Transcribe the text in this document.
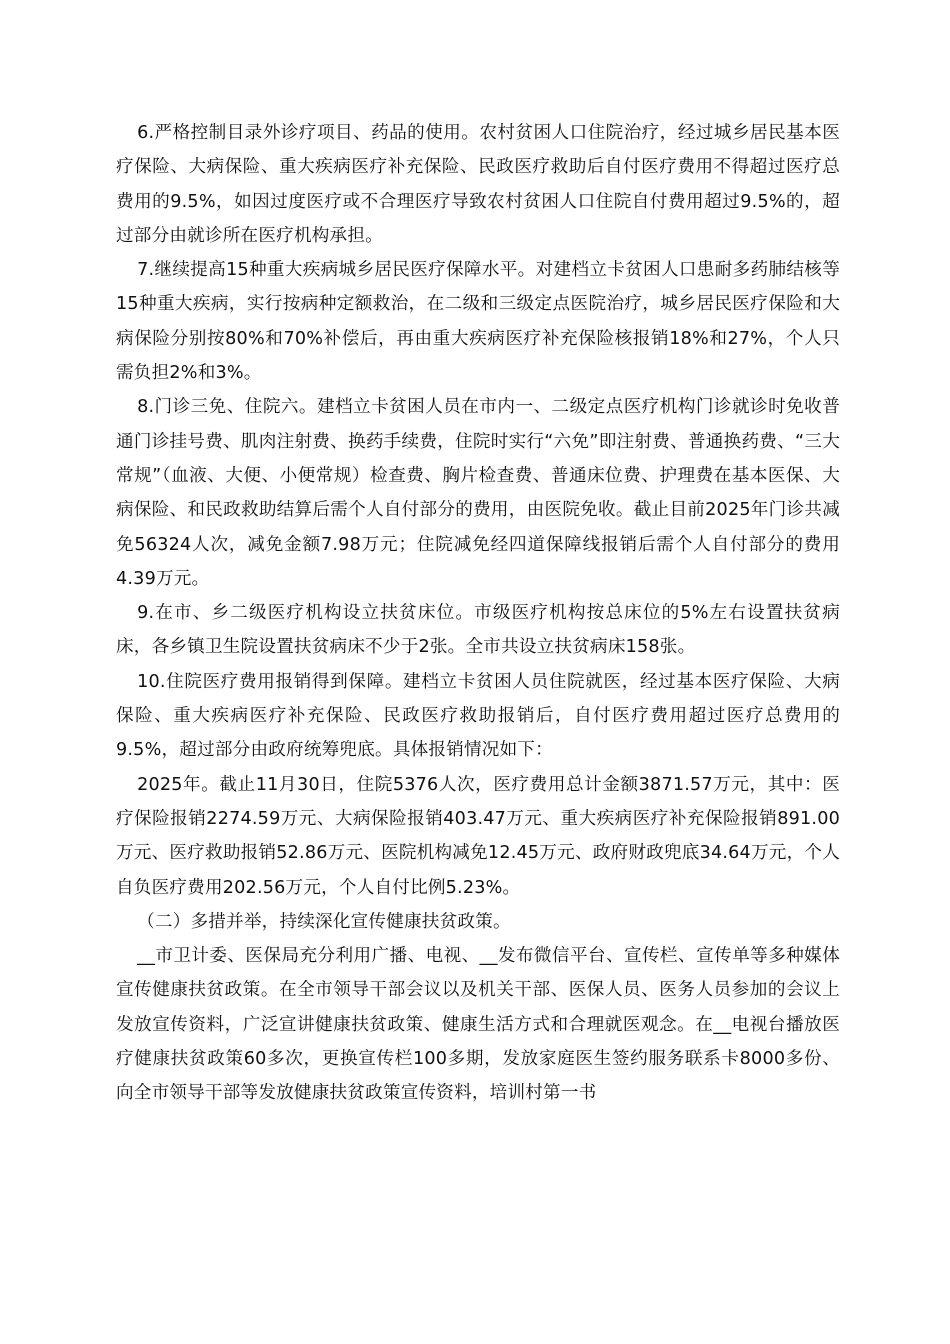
6.严格控制目录外诊疗项目、药品的使用。农村贫困人口住院治疗，经过城乡居民基本医疗保险、大病保险、重大疾病医疗补充保险、民政医疗救助后自付医疗费用不得超过医疗总费用的9.5%，如因过度医疗或不合理医疗导致农村贫困人口住院自付费用超过9.5%的，超过部分由就诊所在医疗机构承担。

7.继续提高15种重大疾病城乡居民医疗保障水平。对建档立卡贫困人口患耐多药肺结核等15种重大疾病，实行按病种定额救治，在二级和三级定点医院治疗，城乡居民医疗保险和大病保险分别按80%和70%补偿后，再由重大疾病医疗补充保险核报销18%和27%，个人只需负担2%和3%。

8.门诊三免、住院六。建档立卡贫困人员在市内一、二级定点医疗机构门诊就诊时免收普通门诊挂号费、肌肉注射费、换药手续费，住院时实行“六免”即注射费、普通换药费、“三大常规”（血液、大便、小便常规）检查费、胸片检查费、普通床位费、护理费在基本医保、大病保险、和民政救助结算后需个人自付部分的费用，由医院免收。截止目前2025年门诊共减免56324人次，减免金额7.98万元；住院减免经四道保障线报销后需个人自付部分的费用4.39万元。

9.在市、乡二级医疗机构设立扶贫床位。市级医疗机构按总床位的5%左右设置扶贫病床，各乡镇卫生院设置扶贫病床不少于2张。全市共设立扶贫病床158张。

10.住院医疗费用报销得到保障。建档立卡贫困人员住院就医，经过基本医疗保险、大病保险、重大疾病医疗补充保险、民政医疗救助报销后，自付医疗费用超过医疗总费用的9.5%，超过部分由政府统筹兜底。具体报销情况如下：

2025年。截止11月30日，住院5376人次，医疗费用总计金额3871.57万元，其中：医疗保险报销2274.59万元、大病保险报销403.47万元、重大疾病医疗补充保险报销891.00万元、医疗救助报销52.86万元、医院机构减免12.45万元、政府财政兜底34.64万元，个人自负医疗费用202.56万元，个人自付比例5.23%。

（二）多措并举，持续深化宣传健康扶贫政策。

__市卫计委、医保局充分利用广播、电视、__发布微信平台、宣传栏、宣传单等多种媒体宣传健康扶贫政策。在全市领导干部会议以及机关干部、医保人员、医务人员参加的会议上发放宣传资料，广泛宣讲健康扶贫政策、健康生活方式和合理就医观念。在__电视台播放医疗健康扶贫政策60多次，更换宣传栏100多期，发放家庭医生签约服务联系卡8000多份、向全市领导干部等发放健康扶贫政策宣传资料，培训村第一书
